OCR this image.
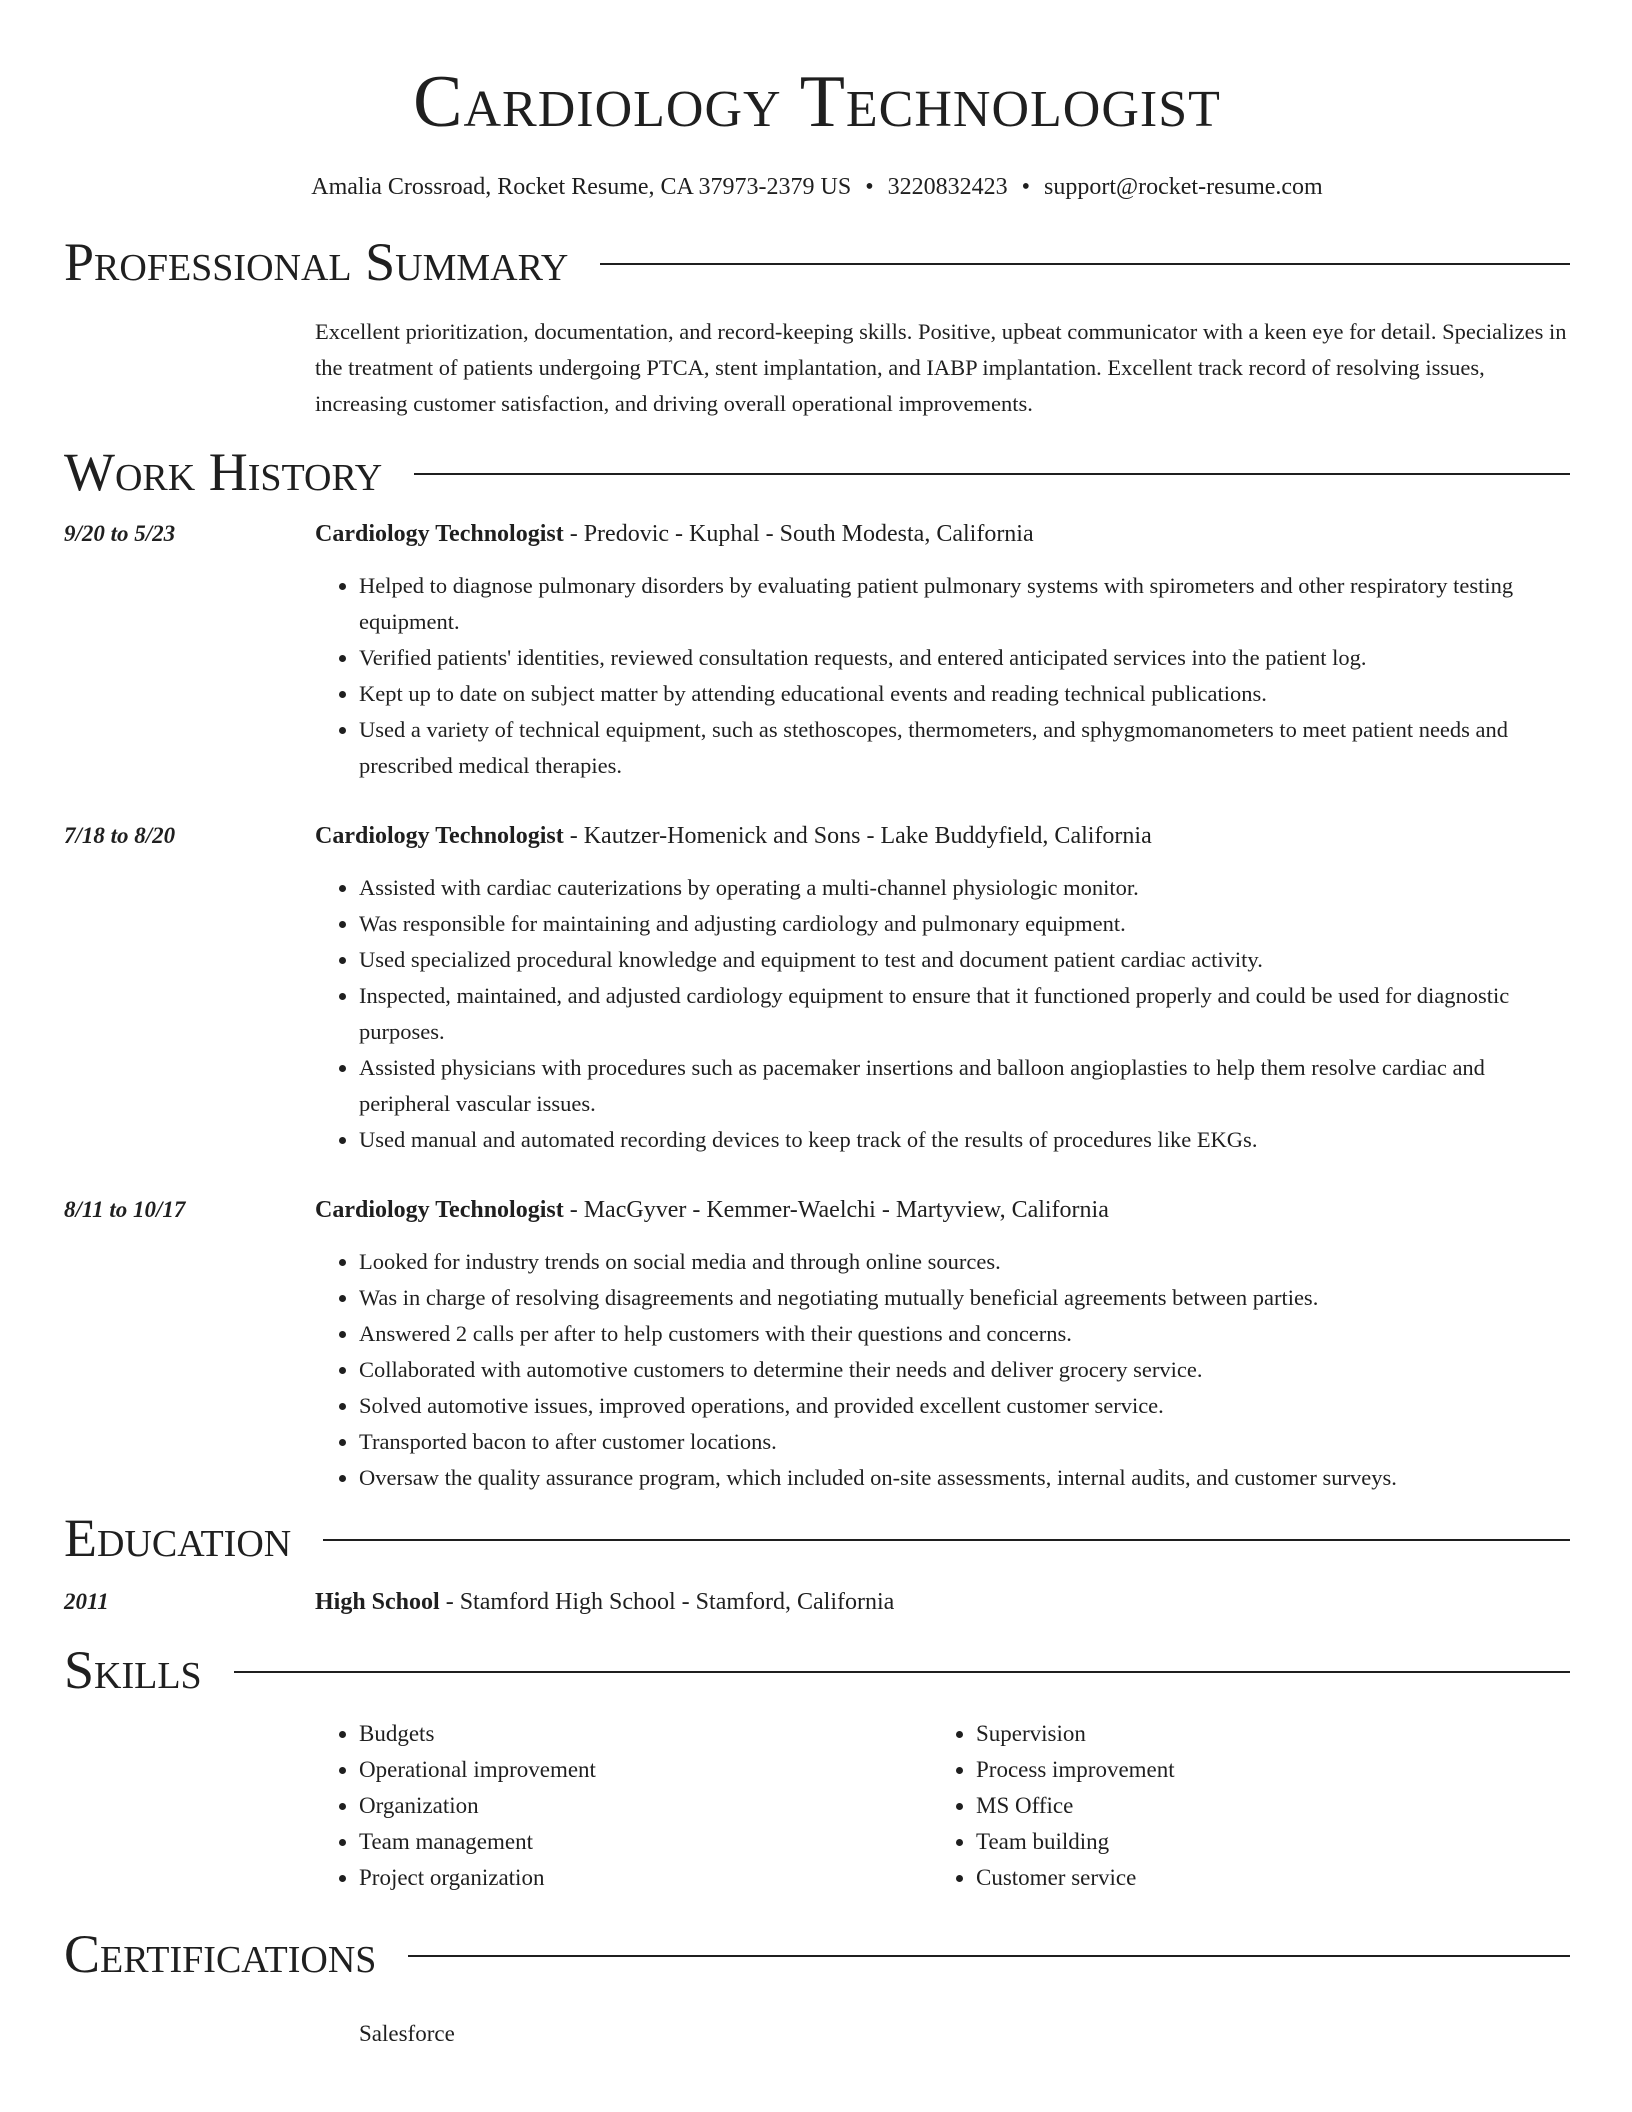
Cardiology Technologist
Amalia Crossroad, Rocket Resume, CA 37973-2379 US • 3220832423 • support@rocket-resume.com
Professional Summary
Excellent prioritization, documentation, and record-keeping skills. Positive, upbeat communicator with a keen eye for detail. Specializes in the treatment of patients undergoing PTCA, stent implantation, and IABP implantation. Excellent track record of resolving issues, increasing customer satisfaction, and driving overall operational improvements.
Work History
9/20 to 5/23	Cardiology Technologist - Predovic - Kuphal - South Modesta, California
• Helped to diagnose pulmonary disorders by evaluating patient pulmonary systems with spirometers and other respiratory testing equipment.
• Verified patients' identities, reviewed consultation requests, and entered anticipated services into the patient log.
• Kept up to date on subject matter by attending educational events and reading technical publications.
• Used a variety of technical equipment, such as stethoscopes, thermometers, and sphygmomanometers to meet patient needs and prescribed medical therapies.
7/18 to 8/20	Cardiology Technologist - Kautzer-Homenick and Sons - Lake Buddyfield, California
• Assisted with cardiac cauterizations by operating a multi-channel physiologic monitor.
• Was responsible for maintaining and adjusting cardiology and pulmonary equipment.
• Used specialized procedural knowledge and equipment to test and document patient cardiac activity.
• Inspected, maintained, and adjusted cardiology equipment to ensure that it functioned properly and could be used for diagnostic purposes.
• Assisted physicians with procedures such as pacemaker insertions and balloon angioplasties to help them resolve cardiac and peripheral vascular issues.
• Used manual and automated recording devices to keep track of the results of procedures like EKGs.
8/11 to 10/17	Cardiology Technologist - MacGyver - Kemmer-Waelchi - Martyview, California
• Looked for industry trends on social media and through online sources.
• Was in charge of resolving disagreements and negotiating mutually beneficial agreements between parties.
• Answered 2 calls per after to help customers with their questions and concerns.
• Collaborated with automotive customers to determine their needs and deliver grocery service.
• Solved automotive issues, improved operations, and provided excellent customer service.
• Transported bacon to after customer locations.
• Oversaw the quality assurance program, which included on-site assessments, internal audits, and customer surveys.
Education
2011	High School - Stamford High School - Stamford, California
Skills
• Budgets
• Operational improvement
• Organization
• Team management
• Project organization
• Supervision
• Process improvement
• MS Office
• Team building
• Customer service
Certifications
Salesforce
